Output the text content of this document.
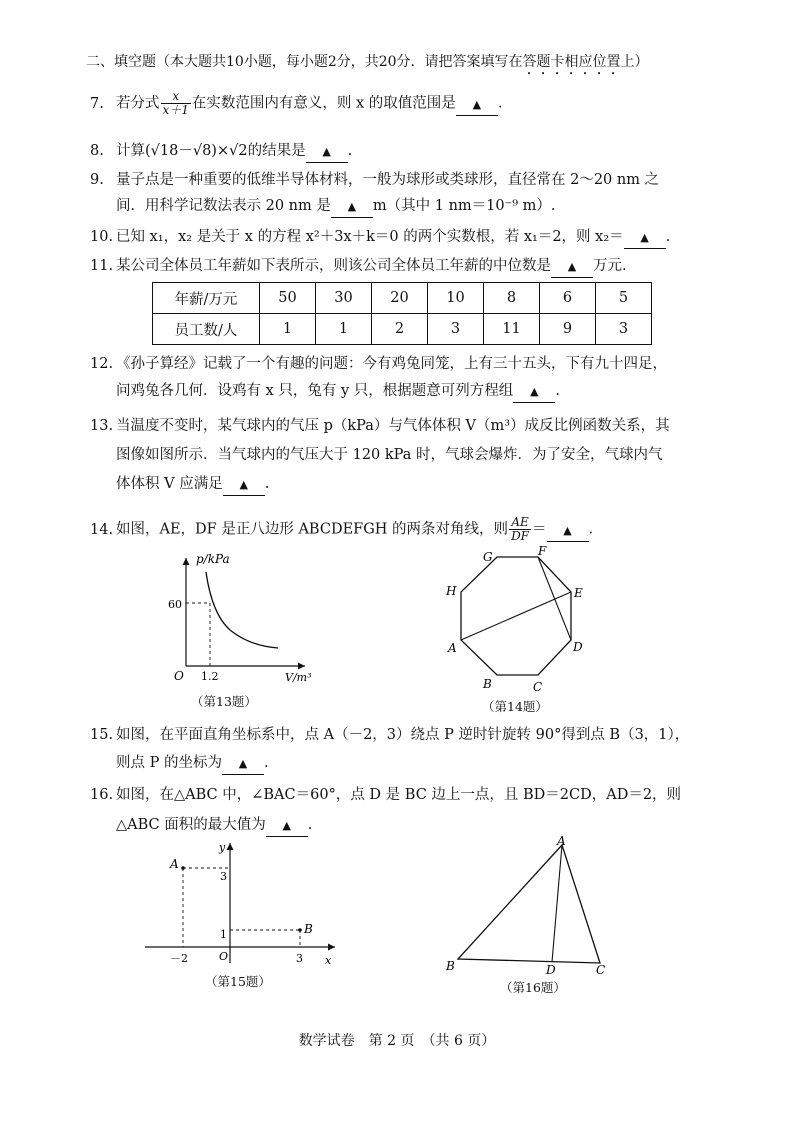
二、填空题（本大题共10小题，每小题2分，共20分．请把答案填写在答题卡相应位置上）
7. 若分式 $\frac{x}{x+1}$ 在实数范围内有意义，则 x 的取值范围是 ▲ .
8. 计算(√18－√8)×√2的结果是 ▲ .
9. 量子点是一种重要的低维半导体材料，一般为球形或类球形，直径常在 2～20 nm 之
间．用科学记数法表示 20 nm 是 ▲ m（其中 1 nm＝10⁻⁹ m）.
10. 已知 x₁，x₂ 是关于 x 的方程 x²＋3x＋k＝0 的两个实数根，若 x₁＝2，则 x₂＝ ▲ .
11. 某公司全体员工年薪如下表所示，则该公司全体员工年薪的中位数是 ▲ 万元.
年薪/万元	50	30	20	10	8	6	5
员工数/人	1	1	2	3	11	9	3
12. 《孙子算经》记载了一个有趣的问题：今有鸡兔同笼，上有三十五头，下有九十四足，
问鸡兔各几何．设鸡有 x 只，兔有 y 只，根据题意可列方程组 ▲ .
13. 当温度不变时，某气球内的气压 p（kPa）与气体体积 V（m³）成反比例函数关系，其
图像如图所示．当气球内的气压大于 120 kPa 时，气球会爆炸．为了安全，气球内气
体体积 V 应满足 ▲ .
14. 如图，AE，DF 是正八边形 ABCDEFGH 的两条对角线，则 $\frac{AE}{DF}$ ＝ ▲ .
p/kPa
V/m³
O 1.2
60
（第13题）
A
B	C
D
E
F
G
H
（第14题）
15. 如图，在平面直角坐标系中，点 A（－2，3）绕点 P 逆时针旋转 90°得到点 B（3，1），
则点 P 的坐标为 ▲ .
16. 如图，在△ABC 中，∠BAC＝60°，点 D 是 BC 边上一点，且 BD＝2CD，AD＝2，则
△ABC 面积的最大值为 ▲ .
A
B
y
x
O
－2	3
3
1
（第15题）
A
B	C
D
（第16题）
数学试卷　第 2 页　（共 6 页）
